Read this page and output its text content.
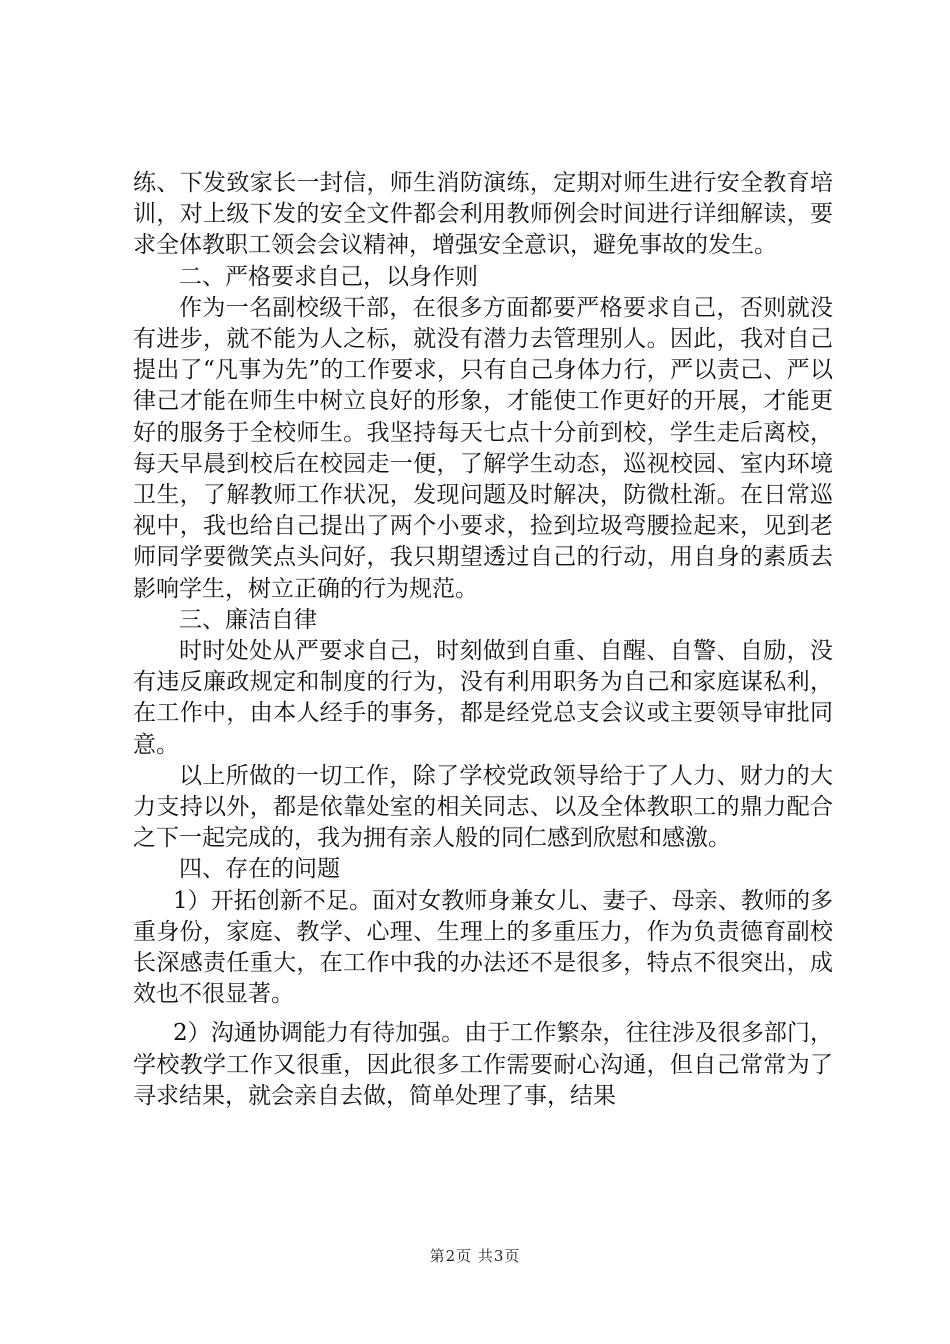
练、下发致家长一封信，师生消防演练，定期对师生进行安全教育培训，对上级下发的安全文件都会利用教师例会时间进行详细解读，要求全体教职工领会会议精神，增强安全意识，避免事故的发生。

二、严格要求自己，以身作则

作为一名副校级干部，在很多方面都要严格要求自己，否则就没有进步，就不能为人之标，就没有潜力去管理别人。因此，我对自己提出了“凡事为先”的工作要求，只有自己身体力行，严以责己、严以律己才能在师生中树立良好的形象，才能使工作更好的开展，才能更好的服务于全校师生。我坚持每天七点十分前到校，学生走后离校，每天早晨到校后在校园走一便，了解学生动态，巡视校园、室内环境卫生，了解教师工作状况，发现问题及时解决，防微杜渐。在日常巡视中，我也给自己提出了两个小要求，捡到垃圾弯腰捡起来，见到老师同学要微笑点头问好，我只期望透过自己的行动，用自身的素质去影响学生，树立正确的行为规范。

三、廉洁自律

时时处处从严要求自己，时刻做到自重、自醒、自警、自励，没有违反廉政规定和制度的行为，没有利用职务为自己和家庭谋私利，在工作中，由本人经手的事务，都是经党总支会议或主要领导审批同意。

以上所做的一切工作，除了学校党政领导给于了人力、财力的大力支持以外，都是依靠处室的相关同志、以及全体教职工的鼎力配合之下一起完成的，我为拥有亲人般的同仁感到欣慰和感激。

四、存在的问题

1）开拓创新不足。面对女教师身兼女儿、妻子、母亲、教师的多重身份，家庭、教学、心理、生理上的多重压力，作为负责德育副校长深感责任重大，在工作中我的办法还不是很多，特点不很突出，成效也不很显著。

2）沟通协调能力有待加强。由于工作繁杂，往往涉及很多部门，学校教学工作又很重，因此很多工作需要耐心沟通，但自己常常为了寻求结果，就会亲自去做，简单处理了事，结果

第2页 共3页
